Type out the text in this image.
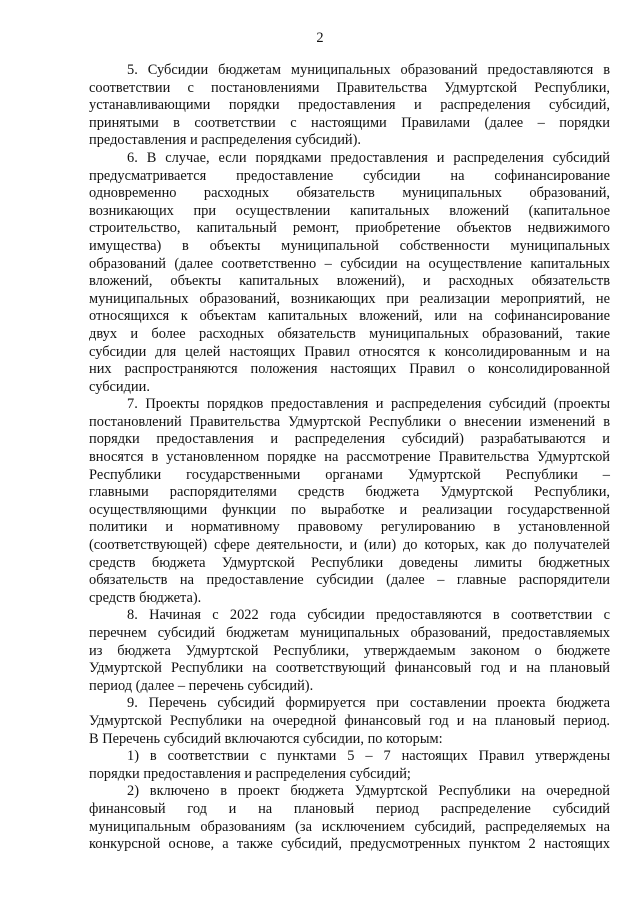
2
5. Субсидии бюджетам муниципальных образований предоставляются в
соответствии с постановлениями Правительства Удмуртской Республики,
устанавливающими порядки предоставления и распределения субсидий,
принятыми в соответствии с настоящими Правилами (далее – порядки
предоставления и распределения субсидий).
6. В случае, если порядками предоставления и распределения субсидий
предусматривается предоставление субсидии на софинансирование
одновременно расходных обязательств муниципальных образований,
возникающих при осуществлении капитальных вложений (капитальное
строительство, капитальный ремонт, приобретение объектов недвижимого
имущества) в объекты муниципальной собственности муниципальных
образований (далее соответственно – субсидии на осуществление капитальных
вложений, объекты капитальных вложений), и расходных обязательств
муниципальных образований, возникающих при реализации мероприятий, не
относящихся к объектам капитальных вложений, или на софинансирование
двух и более расходных обязательств муниципальных образований, такие
субсидии для целей настоящих Правил относятся к консолидированным и на
них распространяются положения настоящих Правил о консолидированной
субсидии.
7. Проекты порядков предоставления и распределения субсидий (проекты
постановлений Правительства Удмуртской Республики о внесении изменений в
порядки предоставления и распределения субсидий) разрабатываются и
вносятся в установленном порядке на рассмотрение Правительства Удмуртской
Республики государственными органами Удмуртской Республики –
главными распорядителями средств бюджета Удмуртской Республики,
осуществляющими функции по выработке и реализации государственной
политики и нормативному правовому регулированию в установленной
(соответствующей) сфере деятельности, и (или) до которых, как до получателей
средств бюджета Удмуртской Республики доведены лимиты бюджетных
обязательств на предоставление субсидии (далее – главные распорядители
средств бюджета).
8. Начиная с 2022 года субсидии предоставляются в соответствии с
перечнем субсидий бюджетам муниципальных образований, предоставляемых
из бюджета Удмуртской Республики, утверждаемым законом о бюджете
Удмуртской Республики на соответствующий финансовый год и на плановый
период (далее – перечень субсидий).
9. Перечень субсидий формируется при составлении проекта бюджета
Удмуртской Республики на очередной финансовый год и на плановый период.
В Перечень субсидий включаются субсидии, по которым:
1) в соответствии с пунктами 5 – 7 настоящих Правил утверждены
порядки предоставления и распределения субсидий;
2) включено в проект бюджета Удмуртской Республики на очередной
финансовый год и на плановый период распределение субсидий
муниципальным образованиям (за исключением субсидий, распределяемых на
конкурсной основе, а также субсидий, предусмотренных пунктом 2 настоящих
